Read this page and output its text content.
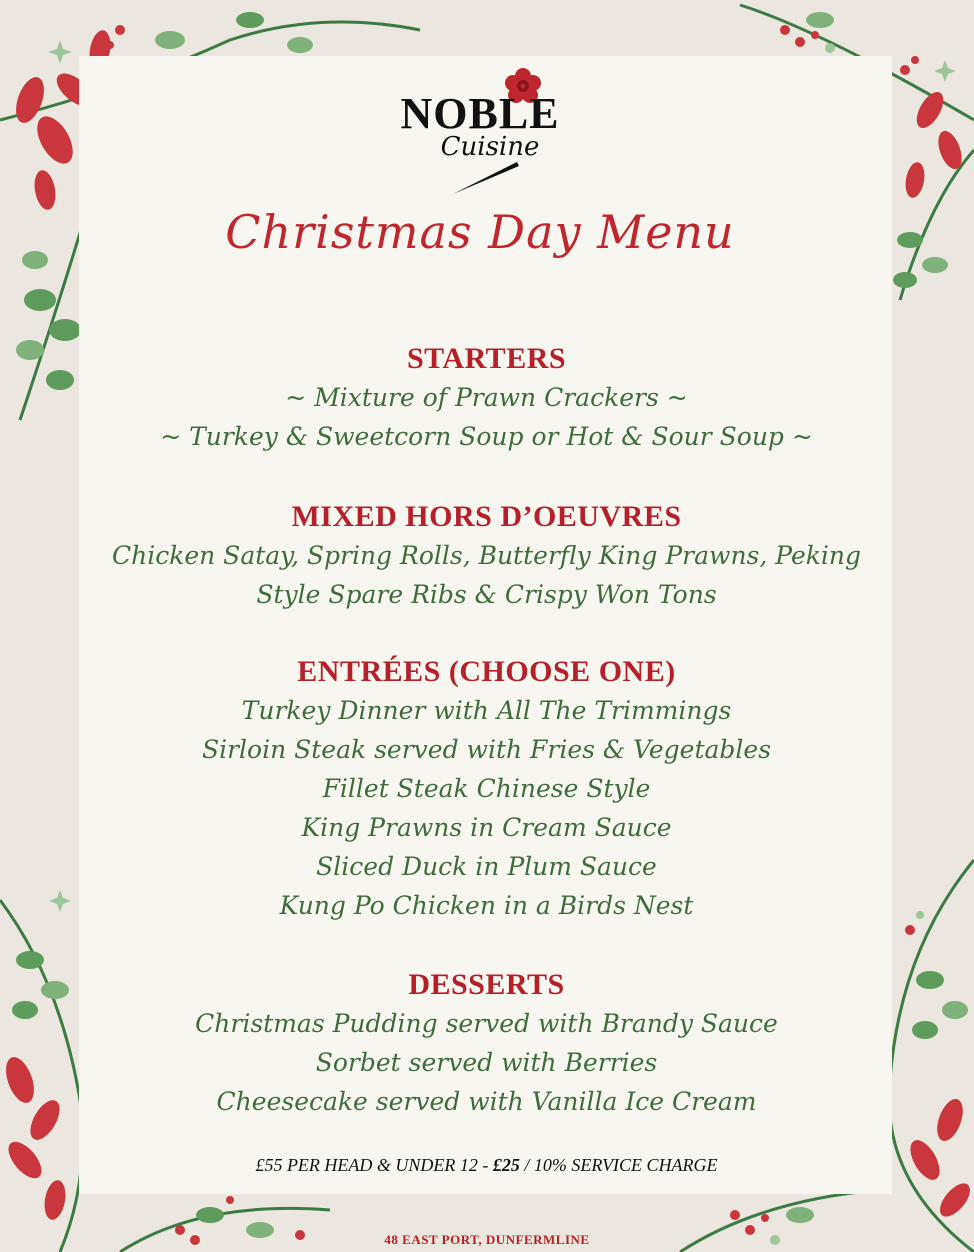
NOBLE
Cuisine
Christmas Day Menu
STARTERS
~ Mixture of Prawn Crackers ~
~ Turkey & Sweetcorn Soup or Hot & Sour Soup ~
MIXED HORS D’OEUVRES
Chicken Satay, Spring Rolls, Butterfly King Prawns, Peking
Style Spare Ribs & Crispy Won Tons
ENTRÉES (CHOOSE ONE)
Turkey Dinner with All The Trimmings
Sirloin Steak served with Fries & Vegetables
Fillet Steak Chinese Style
King Prawns in Cream Sauce
Sliced Duck in Plum Sauce
Kung Po Chicken in a Birds Nest
DESSERTS
Christmas Pudding served with Brandy Sauce
Sorbet served with Berries
Cheesecake served with Vanilla Ice Cream
£55 PER HEAD & UNDER 12 - £25 / 10% SERVICE CHARGE
48 EAST PORT, DUNFERMLINE
